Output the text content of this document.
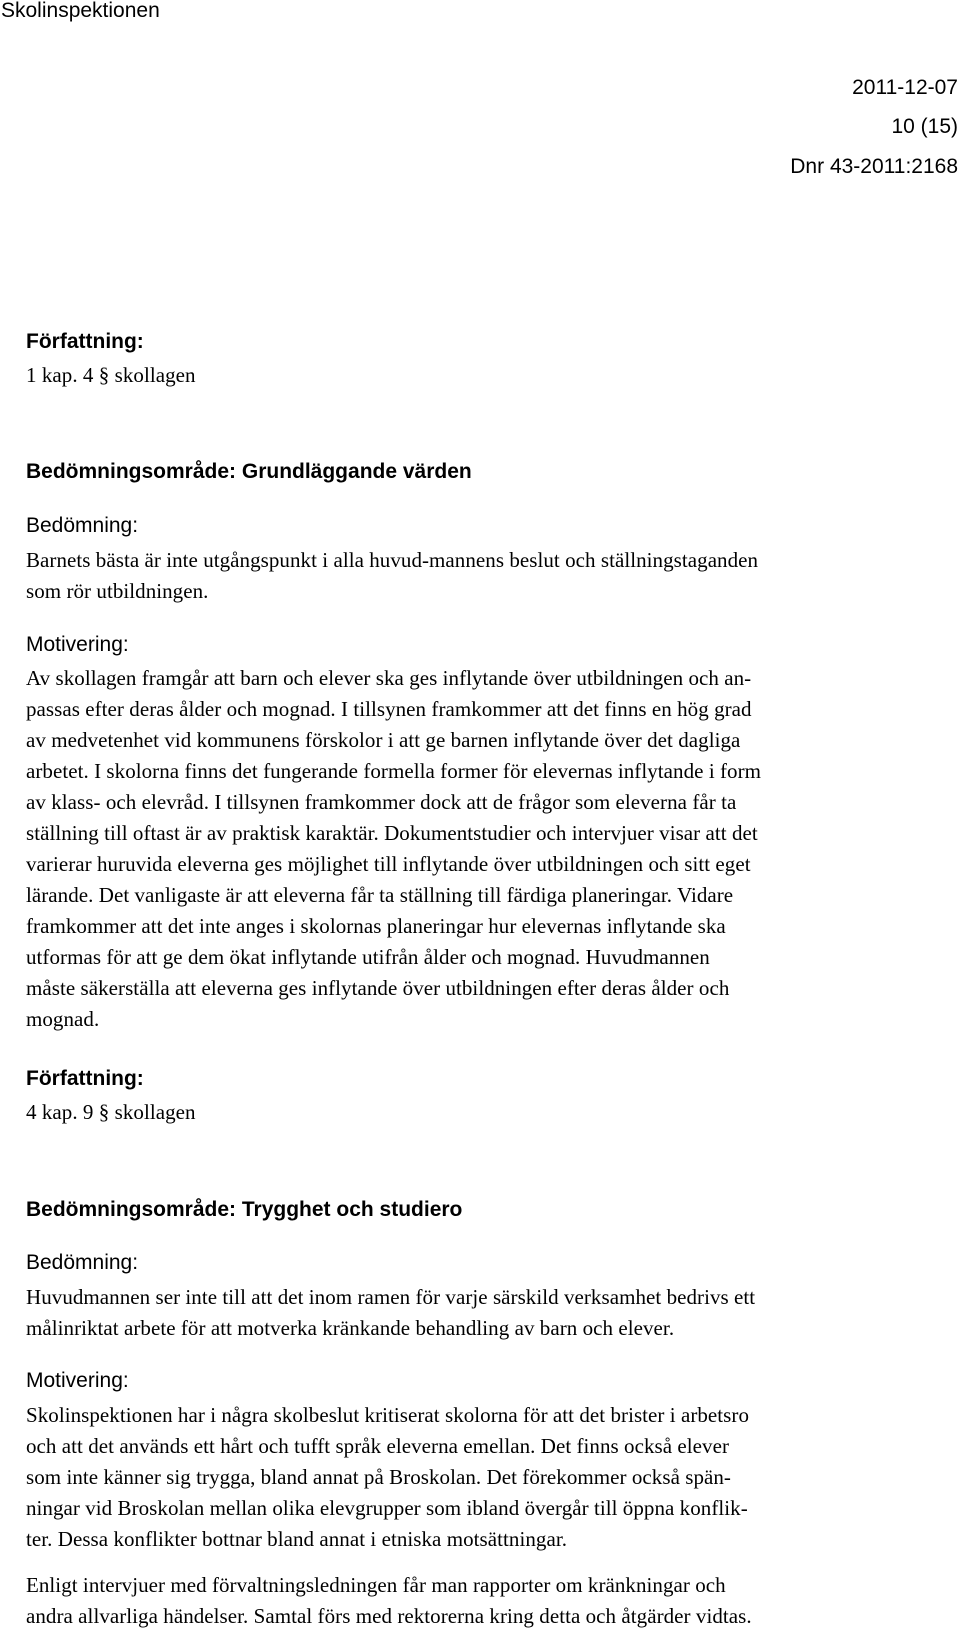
Skolinspektionen
2011-12-07
10 (15)
Dnr 43-2011:2168
Författning:
1 kap. 4 § skollagen
Bedömningsområde: Grundläggande värden
Bedömning:
Barnets bästa är inte utgångspunkt i alla huvud-mannens beslut och ställningstaganden
som rör utbildningen.
Motivering:
Av skollagen framgår att barn och elever ska ges inflytande över utbildningen och an-
passas efter deras ålder och mognad. I tillsynen framkommer att det finns en hög grad
av medvetenhet vid kommunens förskolor i att ge barnen inflytande över det dagliga
arbetet. I skolorna finns det fungerande formella former för elevernas inflytande i form
av klass- och elevråd. I tillsynen framkommer dock att de frågor som eleverna får ta
ställning till oftast är av praktisk karaktär. Dokumentstudier och intervjuer visar att det
varierar huruvida eleverna ges möjlighet till inflytande över utbildningen och sitt eget
lärande. Det vanligaste är att eleverna får ta ställning till färdiga planeringar. Vidare
framkommer att det inte anges i skolornas planeringar hur elevernas inflytande ska
utformas för att ge dem ökat inflytande utifrån ålder och mognad. Huvudmannen
måste säkerställa att eleverna ges inflytande över utbildningen efter deras ålder och
mognad.
Författning:
4 kap. 9 § skollagen
Bedömningsområde: Trygghet och studiero
Bedömning:
Huvudmannen ser inte till att det inom ramen för varje särskild verksamhet bedrivs ett
målinriktat arbete för att motverka kränkande behandling av barn och elever.
Motivering:
Skolinspektionen har i några skolbeslut kritiserat skolorna för att det brister i arbetsro
och att det används ett hårt och tufft språk eleverna emellan. Det finns också elever
som inte känner sig trygga, bland annat på Broskolan. Det förekommer också spän-
ningar vid Broskolan mellan olika elevgrupper som ibland övergår till öppna konflik-
ter. Dessa konflikter bottnar bland annat i etniska motsättningar.
Enligt intervjuer med förvaltningsledningen får man rapporter om kränkningar och
andra allvarliga händelser. Samtal förs med rektorerna kring detta och åtgärder vidtas.
